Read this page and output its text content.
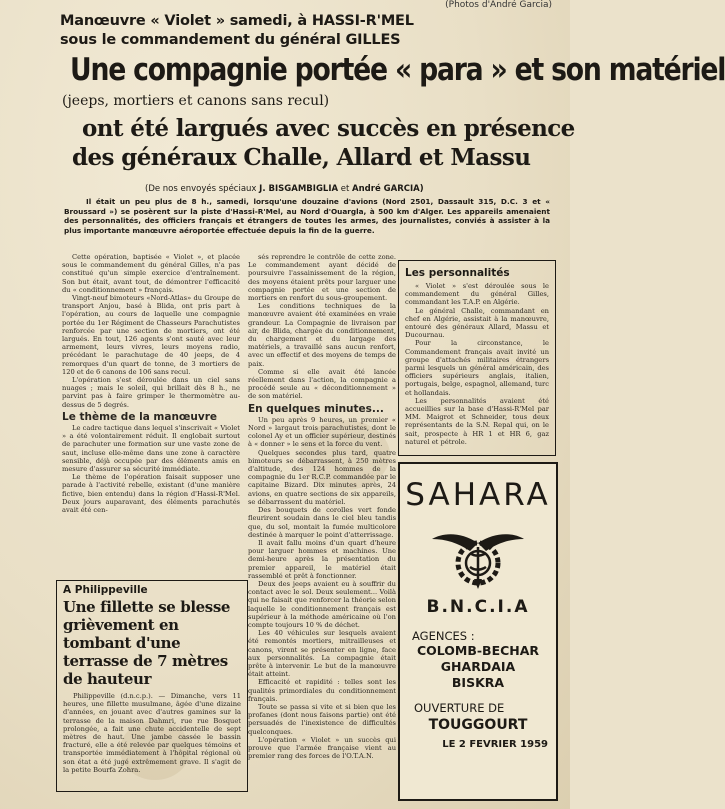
(Photos d'André Garcia)
Manœuvre « Violet » samedi, à HASSI-R'MEL
sous le commandement du général GILLES
Une compagnie portée « para » et son matériel
(jeeps, mortiers et canons sans recul)
ont été largués avec succès en présence
des généraux Challe, Allard et Massu
(De nos envoyés spéciaux J. BISGAMBIGLIA et André GARCIA)
Il était un peu plus de 8 h., samedi, lorsqu'une douzaine d'avions (Nord 2501, Dassault 315, D.C. 3 et « Broussard ») se posèrent sur la piste d'Hassi-R'Mel, au Nord d'Ouargla, à 500 km d'Alger. Les appareils amenaient des personnalités, des officiers français et étrangers de toutes les armes, des journalistes, conviés à assister à la plus importante manœuvre aéroportée effectuée depuis la fin de la guerre.

Cette opération, baptisée « Violet », et placée sous le commandement du général Gilles, n'a pas constitué qu'un simple exercice d'entraînement. Son but était, avant tout, de démontrer l'efficacité du « conditionnement » français.

Vingt-neuf bimoteurs «Nord-Atlas» du Groupe de transport Anjou, basé à Blida, ont pris part à l'opération, au cours de laquelle une compagnie portée du 1er Régiment de Chasseurs Parachutistes renforcée par une section de mortiers, ont été largués. En tout, 126 agents s'ont sauté avec leur armement, leurs vivres, leurs moyens radio, précédant le parachutage de 40 jeeps, de 4 remorques d'un quart de tonne, de 3 mortiers de 120 et de 6 canons de 106 sans recul.

L'opération s'est déroulée dans un ciel sans nuages ; mais le soleil, qui brillait dès 8 h., ne parvint pas à faire grimper le thermomètre au-dessus de 5 degrés.

Le thème de la manœuvre

Le cadre tactique dans lequel s'inscrivait « Violet » a été volontairement réduit. Il englobait surtout de parachuter une formation sur une vaste zone de saut, incluse elle-même dans une zone à caractère sensible, déjà occupée par des éléments amis en mesure d'assurer sa sécurité immédiate.

Le thème de l'opération faisait supposer une parade à l'activité rebelle, existant (d'une manière fictive, bien entendu) dans la région d'Hassi-R'Mel. Deux jours auparavant, des éléments parachutés avait été cen-

sés reprendre le contrôle de cette zone. Le commandement ayant décidé de poursuivre l'assainissement de la région, des moyens étaient prêts pour larguer une compagnie portée et une section de mortiers en renfort du sous-groupement.

Les conditions techniques de la manœuvre avaient été examinées en vraie grandeur. La Compagnie de livraison par air, de Blida, chargée du conditionnement, du chargement et du largage des matériels, a travaillé sans aucun renfort, avec un effectif et des moyens de temps de paix.

Comme si elle avait été lancée réellement dans l'action, la compagnie a procédé seule au « déconditionnement » de son matériel.

En quelques minutes...

Un peu après 9 heures, un premier « Nord » largaut trois parachutistes, dont le colonel Ay et un officier supérieur, destinés à « donner » le sens et la force du vent.

Quelques secondes plus tard, quatre bimoteurs se débarrassent, à 250 mètres d'altitude, des 124 hommes de la compagnie du 1er R.C.P. commandée par le capitaine Bizard. Dix minutes après, 24 avions, en quatre sections de six appareils, se débarrassent du matériel.

Des bouquets de corolles vert fonde fleurirent soudain dans le ciel bleu tandis que, du sol, montait la fumée multicolore destinée à marquer le point d'atterrissage.

Il avait fallu moins d'un quart d'heure pour larguer hommes et machines. Une demi-heure après la présentation du premier appareil, le matériel était rassemblé et prêt à fonctionner.

Deux des jeeps avaient eu à souffrir du contact avec le sol. Deux seulement... Voilà qui ne faisait que renforcer la théorie selon laquelle le conditionnement français est supérieur à la méthode américaine où l'on compte toujours 10 % de déchet.

Les 40 véhicules sur lesquels avaient été remontés mortiers, mitrailleuses et canons, virent se présenter en ligne, face aux personnalités. La compagnie était prête à intervenir. Le but de la manœuvre était atteint.

Efficacité et rapidité : telles sont les qualités primordiales du conditionnement français.

Toute se passa si vite et si bien que les profanes (dont nous faisons partie) ont été persuadés de l'inexistence de difficultés quelconques.

L'opération « Violet » un succès qui prouve que l'armée française vient au premier rang des forces de l'O.T.A.N.

Les personnalités

« Violet » s'est déroulée sous le commandement du général Gilles, commandant les T.A.P. en Algérie.

Le général Challe, commandant en chef en Algérie, assistait à la manœuvre, entouré des généraux Allard, Massu et Ducournau.

Pour la circonstance, le Commandement français avait invité un groupe d'attachés militaires étrangers parmi lesquels un général américain, des officiers supérieurs anglais, italien, portugais, belge, espagnol, allemand, turc et hollandais.

Les personnalités avaient été accueillies sur la base d'Hassi-R'Mel par MM. Maigrot et Schneider, tous deux représentants de la S.N. Repal qui, on le sait, prospecte à HR 1 et HR 6, gaz naturel et pétrole.

A Philippeville
Une fillette se blesse grièvement en tombant d'une terrasse de 7 mètres de hauteur

Philippeville (d.n.c.p.). — Dimanche, vers 11 heures, une fillette musulmane, âgée d'une dizaine d'années, en jouant avec d'autres gamines sur la terrasse de la maison Dahmri, rue rue Bosquet prolongée, a fait une chute accidentelle de sept mètres de haut. Une jambe cassée le bassin fracturé, elle a été relevée par quelques témoins et transportée immédiatement à l'hôpital régional où son état a été jugé extrêmement grave. Il s'agit de la petite Bourfa Zohra.

SAHARA
B.N.C.I.A
AGENCES :
COLOMB-BECHAR
GHARDAIA
BISKRA
OUVERTURE DE
TOUGGOURT
LE 2 FEVRIER 1959
